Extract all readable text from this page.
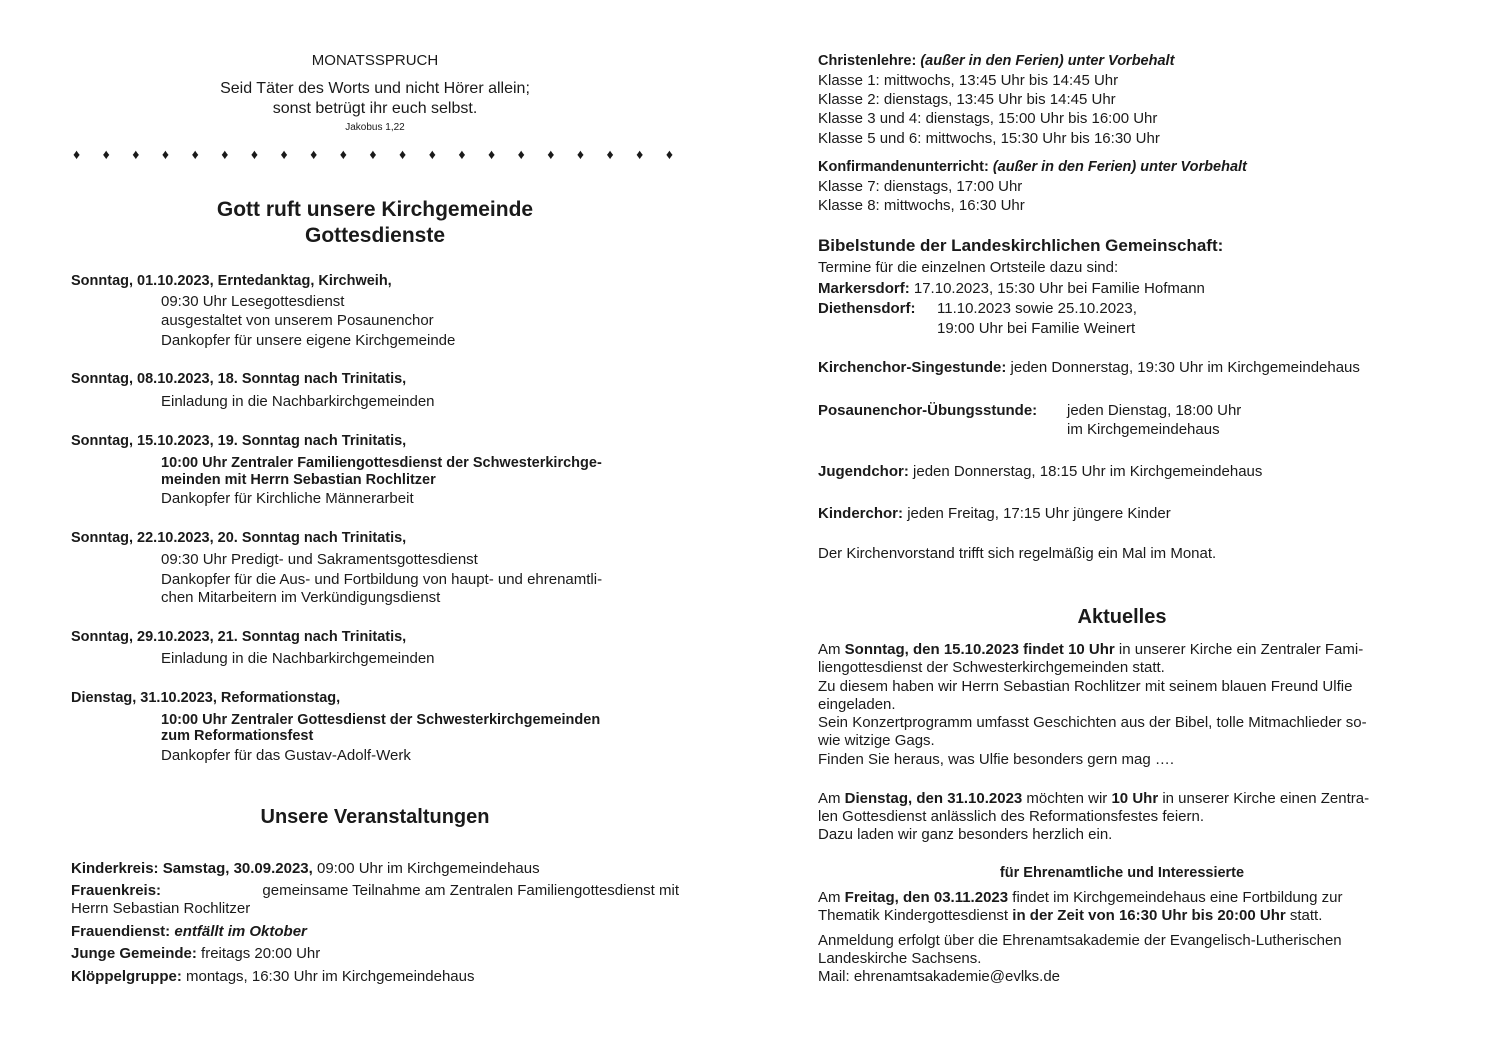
MONATSSPRUCH
Seid Täter des Worts und nicht Hörer allein;
sonst betrügt ihr euch selbst.
Jakobus 1,22
♦ ♦ ♦ ♦ ♦ ♦ ♦ ♦ ♦ ♦ ♦ ♦ ♦ ♦ ♦ ♦ ♦ ♦ ♦ ♦ ♦
Gott ruft unsere Kirchgemeinde
Gottesdienste
Sonntag, 01.10.2023, Erntedanktag, Kirchweih,
09:30 Uhr Lesegottesdienst
ausgestaltet von unserem Posaunenchor
Dankopfer für unsere eigene Kirchgemeinde
Sonntag, 08.10.2023, 18. Sonntag nach Trinitatis,
Einladung in die Nachbarkirchgemeinden
Sonntag, 15.10.2023, 19. Sonntag nach Trinitatis,
10:00 Uhr Zentraler Familiengottesdienst der Schwesterkirchge-
meinden mit Herrn Sebastian Rochlitzer
Dankopfer für Kirchliche Männerarbeit
Sonntag, 22.10.2023, 20. Sonntag nach Trinitatis,
09:30 Uhr Predigt- und Sakramentsgottesdienst
Dankopfer für die Aus- und Fortbildung von haupt- und ehrenamtli-
chen Mitarbeitern im Verkündigungsdienst
Sonntag, 29.10.2023, 21. Sonntag nach Trinitatis,
Einladung in die Nachbarkirchgemeinden
Dienstag, 31.10.2023, Reformationstag,
10:00 Uhr Zentraler Gottesdienst der Schwesterkirchgemeinden
zum Reformationsfest
Dankopfer für das Gustav-Adolf-Werk
Unsere Veranstaltungen
Kinderkreis: Samstag, 30.09.2023, 09:00 Uhr im Kirchgemeindehaus
Frauenkreis:	gemeinsame Teilnahme am Zentralen Familiengottesdienst mit
Herrn Sebastian Rochlitzer
Frauendienst: entfällt im Oktober
Junge Gemeinde: freitags 20:00 Uhr
Klöppelgruppe: montags, 16:30 Uhr im Kirchgemeindehaus
Christenlehre: (außer in den Ferien) unter Vorbehalt
Klasse 1: mittwochs, 13:45 Uhr bis 14:45 Uhr
Klasse 2: dienstags, 13:45 Uhr bis 14:45 Uhr
Klasse 3 und 4: dienstags, 15:00 Uhr bis 16:00 Uhr
Klasse 5 und 6: mittwochs, 15:30 Uhr bis 16:30 Uhr
Konfirmandenunterricht: (außer in den Ferien) unter Vorbehalt
Klasse 7: dienstags, 17:00 Uhr
Klasse 8: mittwochs, 16:30 Uhr
Bibelstunde der Landeskirchlichen Gemeinschaft:
Termine für die einzelnen Ortsteile dazu sind:
Markersdorf: 17.10.2023, 15:30 Uhr bei Familie Hofmann
Diethensdorf: 11.10.2023 sowie 25.10.2023,
19:00 Uhr bei Familie Weinert
Kirchenchor-Singestunde: jeden Donnerstag, 19:30 Uhr im Kirchgemeindehaus
Posaunenchor-Übungsstunde: jeden Dienstag, 18:00 Uhr
im Kirchgemeindehaus
Jugendchor: jeden Donnerstag, 18:15 Uhr im Kirchgemeindehaus
Kinderchor: jeden Freitag, 17:15 Uhr jüngere Kinder
Der Kirchenvorstand trifft sich regelmäßig ein Mal im Monat.
Aktuelles
Am Sonntag, den 15.10.2023 findet 10 Uhr in unserer Kirche ein Zentraler Fami-
liengottesdienst der Schwesterkirchgemeinden statt.
Zu diesem haben wir Herrn Sebastian Rochlitzer mit seinem blauen Freund Ulfie
eingeladen.
Sein Konzertprogramm umfasst Geschichten aus der Bibel, tolle Mitmachlieder so-
wie witzige Gags.
Finden Sie heraus, was Ulfie besonders gern mag ….
Am Dienstag, den 31.10.2023 möchten wir 10 Uhr in unserer Kirche einen Zentra-
len Gottesdienst anlässlich des Reformationsfestes feiern.
Dazu laden wir ganz besonders herzlich ein.
für Ehrenamtliche und Interessierte
Am Freitag, den 03.11.2023 findet im Kirchgemeindehaus eine Fortbildung zur
Thematik Kindergottesdienst in der Zeit von 16:30 Uhr bis 20:00 Uhr statt.
Anmeldung erfolgt über die Ehrenamtsakademie der Evangelisch-Lutherischen
Landeskirche Sachsens.
Mail: ehrenamtsakademie@evlks.de
